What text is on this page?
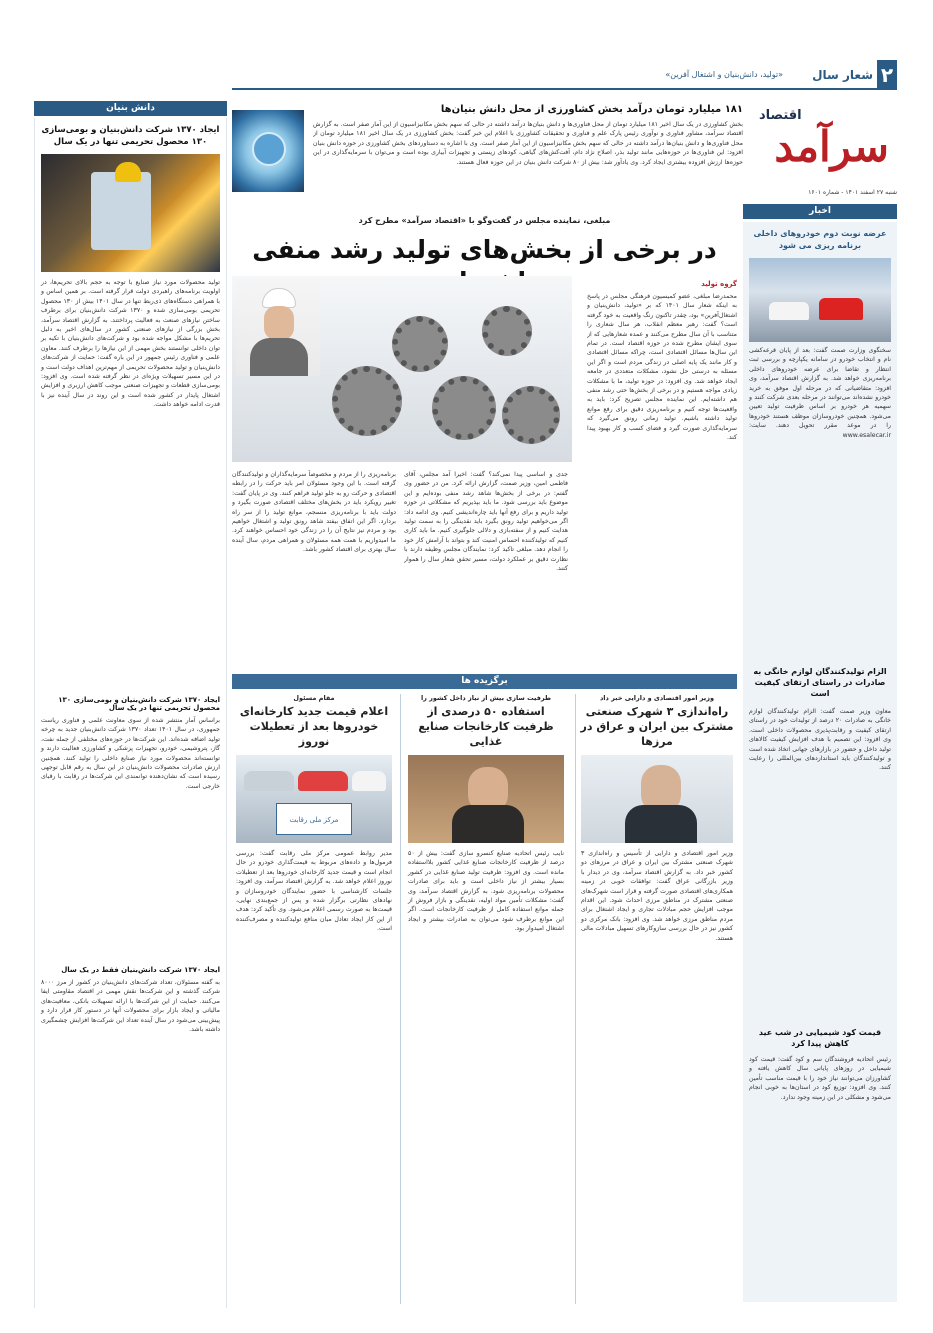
۲
شعار سال
«تولید، دانش‌بنیان و اشتغال آفرین»
اقتصاد
سرآمد
شنبه ۲۷ اسفند ۱۴۰۱ - شماره ۱۶۰۱
۱۸۱ میلیارد تومان درآمد بخش کشاورزی از محل دانش بنیان‌ها
بخش کشاورزی در یک سال اخیر ۱۸۱ میلیارد تومان از محل فناوری‌ها و دانش بنیان‌ها درآمد داشته در حالی که سهم بخش مکانیزاسیون از این آمار صفر است. به گزارش اقتصاد سرآمد، مشاور فناوری و نوآوری رئیس پارک علم و فناوری و تحقیقات کشاورزی با اعلام این خبر گفت: بخش کشاورزی در یک سال اخیر ۱۸۱ میلیارد تومان از محل فناوری‌ها و دانش بنیان‌ها درآمد داشته در حالی که سهم بخش مکانیزاسیون از این آمار صفر است. وی با اشاره به دستاوردهای بخش کشاورزی در حوزه دانش بنیان افزود: این فناوری‌ها در حوزه‌هایی مانند تولید بذر، اصلاح نژاد دام، آفت‌کش‌های گیاهی، کودهای زیستی و تجهیزات آبیاری بوده است و می‌توان با سرمایه‌گذاری در این حوزه‌ها ارزش افزوده بیشتری ایجاد کرد. وی یادآور شد: بیش از ۸۰ شرکت دانش بنیان در این حوزه فعال هستند.
دانش بنیان
ایجاد ۱۳۷۰ شرکت دانش‌بنیان و بومی‌سازی ۱۳۰ محصول تحریمی تنها در یک سال
تولید محصولات مورد نیاز صنایع با توجه به حجم بالای تحریم‌ها، در اولویت برنامه‌های راهبردی دولت قرار گرفته است. بر همین اساس و با همراهی دستگاه‌های ذی‌ربط تنها در سال ۱۴۰۱ بیش از ۱۳۰ محصول تحریمی بومی‌سازی شده و ۱۳۷۰ شرکت دانش‌بنیان برای برطرف ساختن نیازهای صنعت به فعالیت پرداختند. به گزارش اقتصاد سرآمد، بخش بزرگی از نیازهای صنعتی کشور در سال‌های اخیر به دلیل تحریم‌ها با مشکل مواجه شده بود و شرکت‌های دانش‌بنیان با تکیه بر توان داخلی توانستند بخش مهمی از این نیازها را برطرف کنند. معاون علمی و فناوری رئیس جمهور در این باره گفت: حمایت از شرکت‌های دانش‌بنیان و تولید محصولات تحریمی از مهم‌ترین اهداف دولت است و در این مسیر تسهیلات ویژه‌ای در نظر گرفته شده است. وی افزود: بومی‌سازی قطعات و تجهیزات صنعتی موجب کاهش ارزبری و افزایش اشتغال پایدار در کشور شده است و این روند در سال آینده نیز با قدرت ادامه خواهد داشت.
ایجاد ۱۳۷۰ شرکت دانش‌بنیان و بومی‌سازی ۱۳۰ محصول تحریمی تنها در یک سال
براساس آمار منتشر شده از سوی معاونت علمی و فناوری ریاست جمهوری، در سال ۱۴۰۱ تعداد ۱۳۷۰ شرکت دانش‌بنیان جدید به چرخه تولید اضافه شده‌اند. این شرکت‌ها در حوزه‌های مختلفی از جمله نفت، گاز، پتروشیمی، خودرو، تجهیزات پزشکی و کشاورزی فعالیت دارند و توانسته‌اند محصولات مورد نیاز صنایع داخلی را تولید کنند. همچنین ارزش صادرات محصولات دانش‌بنیان در این سال به رقم قابل توجهی رسیده است که نشان‌دهنده توانمندی این شرکت‌ها در رقابت با رقبای خارجی است.
ایجاد ۱۳۷۰ شرکت دانش‌بنیان فقط در یک سال
به گفته مسئولان، تعداد شرکت‌های دانش‌بنیان در کشور از مرز ۸۰۰۰ شرکت گذشته و این شرکت‌ها نقش مهمی در اقتصاد مقاومتی ایفا می‌کنند. حمایت از این شرکت‌ها با ارائه تسهیلات بانکی، معافیت‌های مالیاتی و ایجاد بازار برای محصولات آنها در دستور کار قرار دارد و پیش‌بینی می‌شود در سال آینده تعداد این شرکت‌ها افزایش چشمگیری داشته باشد.
اخبار
عرضه نوبت دوم خودروهای داخلی برنامه ریزی می شود
سخنگوی وزارت صمت گفت: بعد از پایان قرعه‌کشی نام و انتخاب خودرو در سامانه یکپارچه و بررسی ثبت انتظار و تقاضا برای عرضه خودروهای داخلی برنامه‌ریزی خواهد شد. به گزارش اقتصاد سرآمد، وی افزود: متقاضیانی که در مرحله اول موفق به خرید خودرو نشده‌اند می‌توانند در مرحله بعدی شرکت کنند و سهمیه هر خودرو بر اساس ظرفیت تولید تعیین می‌شود. همچنین خودروسازان موظف هستند خودروها را در موعد مقرر تحویل دهند. سایت: www.esalecar.ir
الزام تولیدکنندگان لوازم خانگی به صادرات در راستای ارتقای کیفیت است
معاون وزیر صمت گفت: الزام تولیدکنندگان لوازم خانگی به صادرات ۲۰ درصد از تولیدات خود در راستای ارتقای کیفیت و رقابت‌پذیری محصولات داخلی است. وی افزود: این تصمیم با هدف افزایش کیفیت کالاهای تولید داخل و حضور در بازارهای جهانی اتخاذ شده است و تولیدکنندگان باید استانداردهای بین‌المللی را رعایت کنند.
قیمت کود شیمیایی در شب عید کاهش پیدا کرد
رئیس اتحادیه فروشندگان سم و کود گفت: قیمت کود شیمیایی در روزهای پایانی سال کاهش یافته و کشاورزان می‌توانند نیاز خود را با قیمت مناسب تأمین کنند. وی افزود: توزیع کود در استان‌ها به خوبی انجام می‌شود و مشکلی در این زمینه وجود ندارد.
مبلغی، نماینده مجلس در گفت‌وگو با «اقتصاد سرآمد» مطرح کرد
در برخی از بخش‌های تولید رشد منفی
گروه تولید
محمدرضا مبلغی، عضو کمیسیون فرهنگی مجلس در پاسخ به اینکه شعار سال ۱۴۰۱ که بر «تولید، دانش‌بنیان و اشتغال‌آفرین» بود، چقدر تاکنون رنگ واقعیت به خود گرفته است؟ گفت: رهبر معظم انقلاب، هر سال شعاری را متناسب با آن سال مطرح می‌کنند و عمده شعارهایی که از سوی ایشان مطرح شده در حوزه اقتصاد است. در تمام این سال‌ها مسائل اقتصادی است، چراکه مسائل اقتصادی و کار مانند یک پایه اصلی در زندگی مردم است و اگر این مسئله به درستی حل نشود، مشکلات متعددی در جامعه ایجاد خواهد شد. وی افزود: در حوزه تولید، ما با مشکلات زیادی مواجه هستیم و در برخی از بخش‌ها حتی رشد منفی هم داشته‌ایم. این نماینده مجلس تصریح کرد: باید به واقعیت‌ها توجه کنیم و برنامه‌ریزی دقیق برای رفع موانع تولید داشته باشیم. تولید زمانی رونق می‌گیرد که سرمایه‌گذاری صورت گیرد و فضای کسب و کار بهبود پیدا کند.
جدی و اساسی پیدا نمی‌کند؟ گفت: اخیرا آمد مجلس، آقای فاطمی امین، وزیر صمت، گزارش ارائه کرد. من در حضور وی گفتم: در برخی از بخش‌ها شاهد رشد منفی بوده‌ایم و این موضوع باید بررسی شود. ما باید بپذیریم که مشکلاتی در حوزه تولید داریم و برای رفع آنها باید چاره‌اندیشی کنیم. وی ادامه داد: اگر می‌خواهیم تولید رونق بگیرد باید نقدینگی را به سمت تولید هدایت کنیم و از سفته‌بازی و دلالی جلوگیری کنیم. ما باید کاری کنیم که تولیدکننده احساس امنیت کند و بتواند با آرامش کار خود را انجام دهد. مبلغی تاکید کرد: نمایندگان مجلس وظیفه دارند با نظارت دقیق بر عملکرد دولت، مسیر تحقق شعار سال را هموار کنند.
برنامه‌ریزی را از مردم و مخصوصاً سرمایه‌گذاران و تولیدکنندگان گرفته است. با این وجود مسئولان امر باید حرکت را در رابطه اقتصادی و حرکت رو به جلو تولید فراهم کنند. وی در پایان گفت: تغییر رویکرد باید در بخش‌های مختلف اقتصادی صورت بگیرد و دولت باید با برنامه‌ریزی منسجم، موانع تولید را از سر راه بردارد. اگر این اتفاق بیفتد شاهد رونق تولید و اشتغال خواهیم بود و مردم نیز نتایج آن را در زندگی خود احساس خواهند کرد. ما امیدواریم با همت همه مسئولان و همراهی مردم، سال آینده سال بهتری برای اقتصاد کشور باشد.
برگزیده ها
وزیر امور اقتصادی و دارایی خبر داد
راه‌اندازی ۳ شهرک صنعتی مشترک بین ایران و عراق در مرزها
وزیر امور اقتصادی و دارایی از تأسیس و راه‌اندازی ۳ شهرک صنعتی مشترک بین ایران و عراق در مرزهای دو کشور خبر داد. به گزارش اقتصاد سرآمد، وی در دیدار با وزیر بازرگانی عراق گفت: توافقات خوبی در زمینه همکاری‌های اقتصادی صورت گرفته و قرار است شهرک‌های صنعتی مشترک در مناطق مرزی احداث شود. این اقدام موجب افزایش حجم مبادلات تجاری و ایجاد اشتغال برای مردم مناطق مرزی خواهد شد. وی افزود: بانک مرکزی دو کشور نیز در حال بررسی سازوکارهای تسهیل مبادلات مالی هستند.
ظرفیت سازی بیش از نیاز داخل کشور را
استفاده ۵۰ درصدی از ظرفیت کارخانجات صنایع غذایی
نایب رئیس اتحادیه صنایع کنسرو سازی گفت: بیش از ۵۰ درصد از ظرفیت کارخانجات صنایع غذایی کشور بلااستفاده مانده است. وی افزود: ظرفیت تولید صنایع غذایی در کشور بسیار بیشتر از نیاز داخلی است و باید برای صادرات محصولات برنامه‌ریزی شود. به گزارش اقتصاد سرآمد، وی گفت: مشکلات تأمین مواد اولیه، نقدینگی و بازار فروش از جمله موانع استفاده کامل از ظرفیت کارخانجات است. اگر این موانع برطرف شود می‌توان به صادرات بیشتر و ایجاد اشتغال امیدوار بود.
مقام مسئول
اعلام قیمت جدید کارخانه‌ای خودروها بعد از تعطیلات نوروز
مرکز ملی رقابت
مدیر روابط عمومی مرکز ملی رقابت گفت: بررسی فرمول‌ها و داده‌های مربوط به قیمت‌گذاری خودرو در حال انجام است و قیمت جدید کارخانه‌ای خودروها بعد از تعطیلات نوروز اعلام خواهد شد. به گزارش اقتصاد سرآمد، وی افزود: جلسات کارشناسی با حضور نمایندگان خودروسازان و نهادهای نظارتی برگزار شده و پس از جمع‌بندی نهایی، قیمت‌ها به صورت رسمی اعلام می‌شود. وی تأکید کرد: هدف از این کار ایجاد تعادل میان منافع تولیدکننده و مصرف‌کننده است.
